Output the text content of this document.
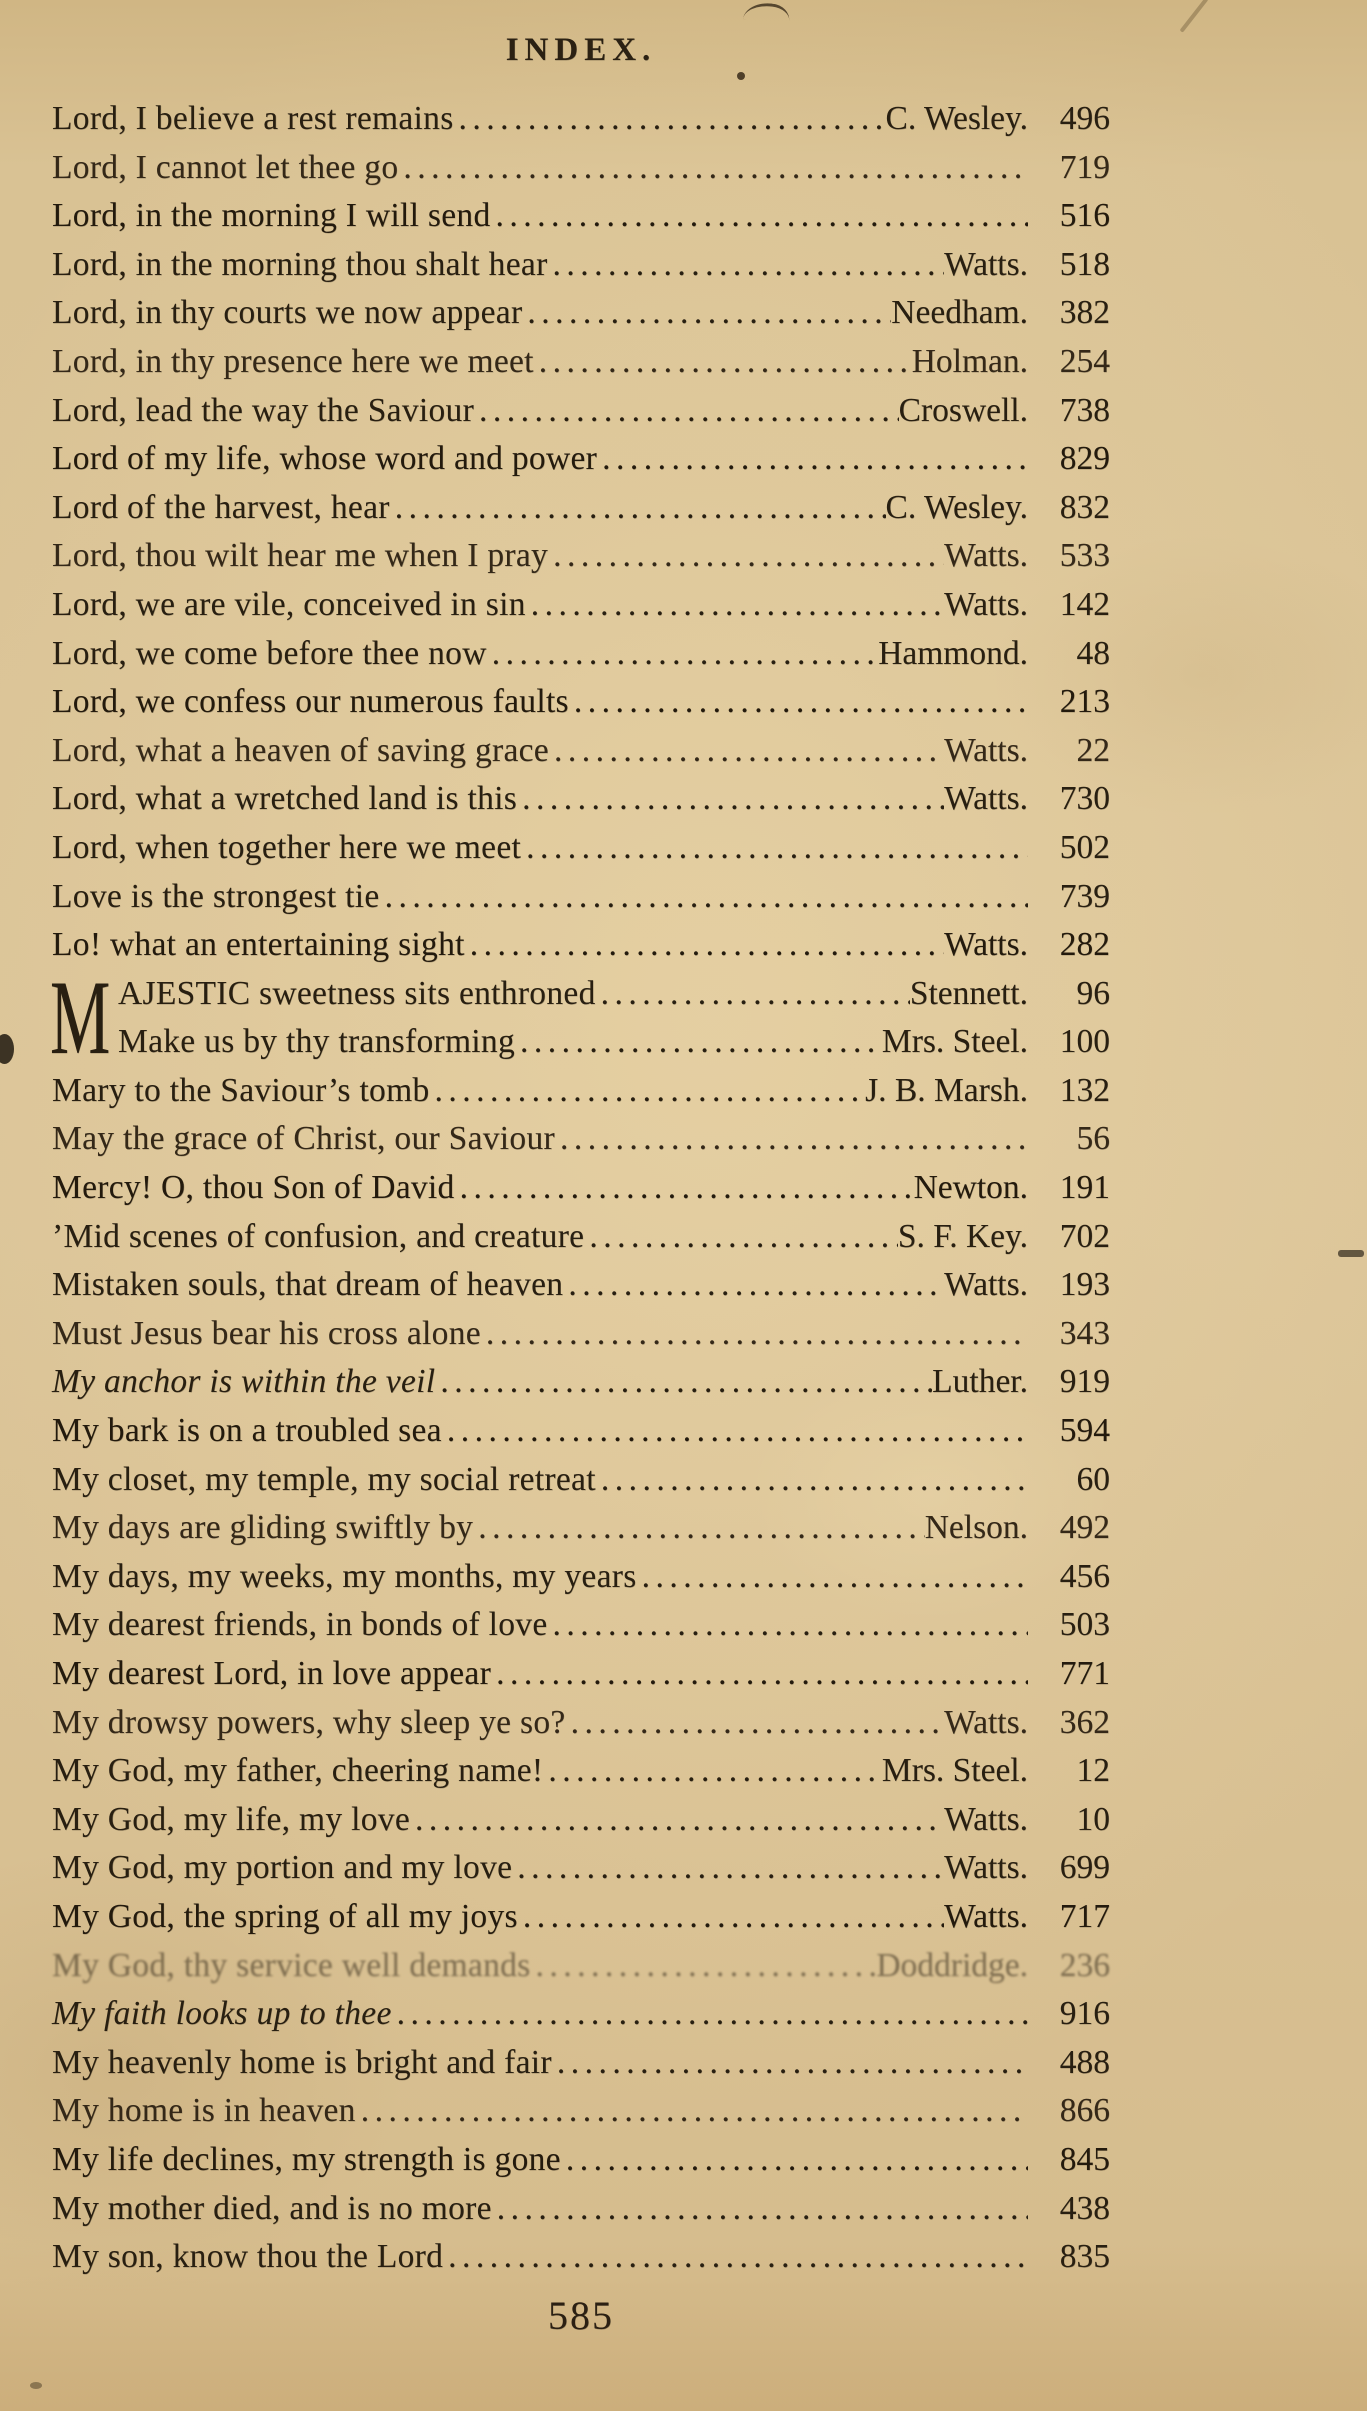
INDEX.
Lord, I believe a rest remains .....	C. Wesley. 496
Lord, I cannot let thee go .....	719
Lord, in the morning I will send .....	516
Lord, in the morning thou shalt hear .....	Watts. 518
Lord, in thy courts we now appear .....	Needham. 382
Lord, in thy presence here we meet .....	Holman. 254
Lord, lead the way the Saviour .....	Croswell. 738
Lord of my life, whose word and power .....	829
Lord of the harvest, hear .....	C. Wesley. 832
Lord, thou wilt hear me when I pray .....	Watts. 533
Lord, we are vile, conceived in sin .....	Watts. 142
Lord, we come before thee now .....	Hammond.	48
Lord, we confess our numerous faults .....	213
Lord, what a heaven of saving grace .....	Watts.	22
Lord, what a wretched land is this .....	Watts. 730
Lord, when together here we meet .....	502
Love is the strongest tie .....	739
Lo! what an entertaining sight .....	Watts. 282
M AJESTIC sweetness sits enthroned .....	Stennett.	96
Make us by thy transforming .....	Mrs. Steel. 100
Mary to the Saviour’s tomb .....	J. B. Marsh. 132
May the grace of Christ, our Saviour .....	56
Mercy! O, thou Son of David .....	Newton. 191
’Mid scenes of confusion, and creature .....	S. F. Key. 702
Mistaken souls, that dream of heaven .....	Watts. 193
Must Jesus bear his cross alone .....	343
My anchor is within the veil .....	Luther. 919
My bark is on a troubled sea .....	594
My closet, my temple, my social retreat .....	60
My days are gliding swiftly by .....	Nelson. 492
My days, my weeks, my months, my years .....	456
My dearest friends, in bonds of love .....	503
My dearest Lord, in love appear .....	771
My drowsy powers, why sleep ye so? .....	Watts. 362
My God, my father, cheering name! .....	Mrs. Steel.	12
My God, my life, my love .....	Watts.	10
My God, my portion and my love .....	Watts. 699
My God, the spring of all my joys .....	Watts. 717
My God, thy service well demands .....	Doddridge. 236
My faith looks up to thee .....	916
My heavenly home is bright and fair .....	488
My home is in heaven .....	866
My life declines, my strength is gone .....	845
My mother died, and is no more .....	438
My son, know thou the Lord .....	835
585
